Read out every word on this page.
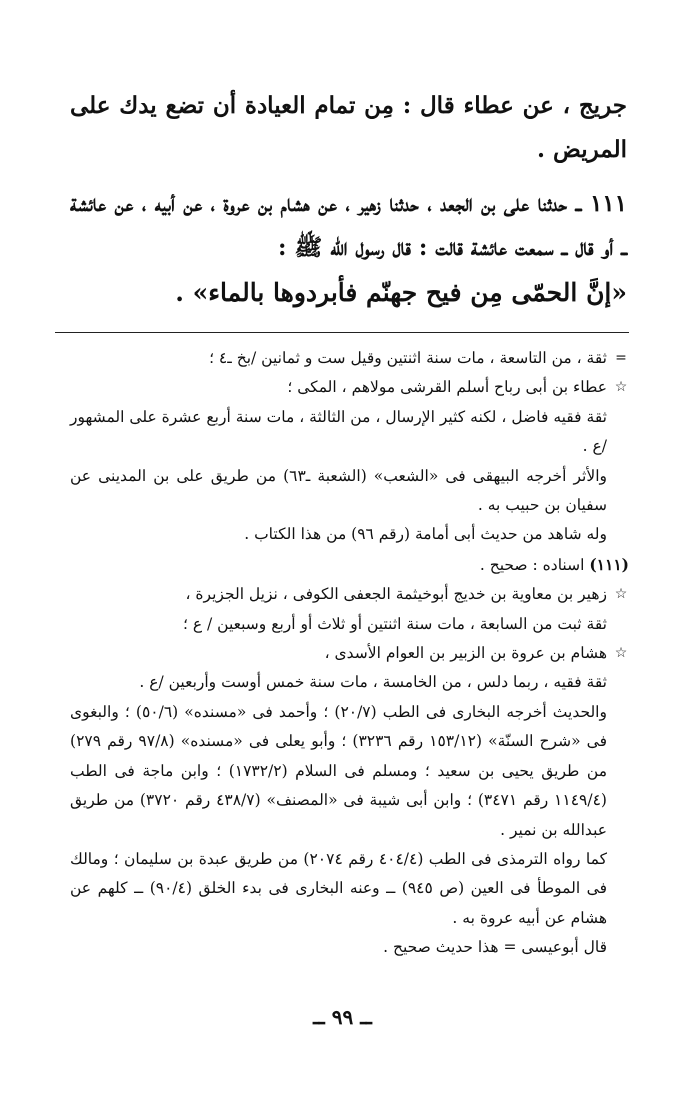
جريج ، عن عطاء قال : مِن تمام العيادة أن تضع يدك على المريض .

١١١ ــ حدثنا على بن الجعد ، حدثنا زهير ، عن هشام بن عروة ، عن أبيه ، عن عائشة ــ أو قال ــ سمعت عائشة قالت : قال رسول الله ﷺ :

«إنَّ الحمّى مِن فيح جهنّم فأبردوها بالماء» .

=
ثقة ، من التاسعة ، مات سنة اثنتين وقيل ست و ثمانين /بخ ـ٤ ؛

☆
عطاء بن أبى رباح أسلم القرشى مولاهم ، المكى ؛

ثقة فقيه فاضل ، لكنه كثير الإرسال ، من الثالثة ، مات سنة أربع عشرة على المشهور /ع .

والأثر أخرجه البيهقى فى «الشعب» (الشعبة ـ٦٣) من طريق على بن المدينى عن سفيان بن حبيب به .

وله شاهد من حديث أبى أمامة (رقم ٩٦) من هذا الكتاب .

(١١١) اسناده : صحيح .

☆
زهير بن معاوية بن خديج أبوخيثمة الجعفى الكوفى ، نزيل الجزيرة ،

ثقة ثبت من السابعة ، مات سنة اثنتين أو ثلاث أو أربع وسبعين / ع ؛

☆
هشام بن عروة بن الزبير بن العوام الأسدى ،

ثقة فقيه ، ربما دلس ، من الخامسة ، مات سنة خمس أوست وأربعين /ع .

والحديث أخرجه البخارى فى الطب (٢٠/٧) ؛ وأحمد فى «مسنده» (٥٠/٦) ؛ والبغوى فى «شرح السنّة» (١٥٣/١٢ رقم ٣٢٣٦) ؛ وأبو يعلى فى «مسنده» (٩٧/٨ رقم ٢٧٩) من طريق يحيى بن سعيد ؛ ومسلم فى السلام (١٧٣٢/٢) ؛ وابن ماجة فى الطب (١١٤٩/٤ رقم ٣٤٧١) ؛ وابن أبى شيبة فى «المصنف» (٤٣٨/٧ رقم ٣٧٢٠) من طريق عبدالله بن نمير .

كما رواه الترمذى فى الطب (٤٠٤/٤ رقم ٢٠٧٤) من طريق عبدة بن سليمان ؛ ومالك فى الموطأ فى العين (ص ٩٤٥) ــ وعنه البخارى فى بدء الخلق (٩٠/٤) ــ كلهم عن هشام عن أبيه عروة به .

قال أبوعيسى = هذا حديث صحيح .

ــ ٩٩ ــ
